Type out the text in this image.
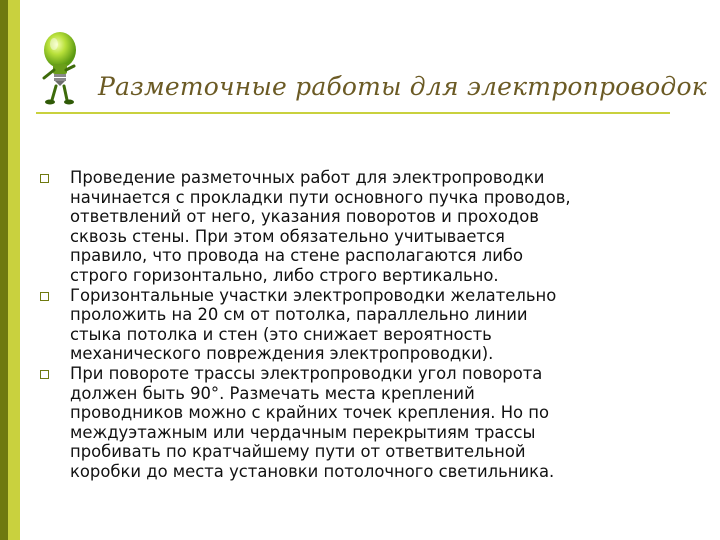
Разметочные работы для электропроводок
Проведение разметочных работ для электропроводки
начинается с прокладки пути основного пучка проводов,
ответвлений от него, указания поворотов и проходов
сквозь стены. При этом обязательно учитывается
правило, что провода на стене располагаются либо
строго горизонтально, либо строго вертикально.
Горизонтальные участки электропроводки желательно
проложить на 20 см от потолка, параллельно линии
стыка потолка и стен (это снижает вероятность
механического повреждения электропроводки).
При повороте трассы электропроводки угол поворота
должен быть 90°. Размечать места креплений
проводников можно с крайних точек крепления. Но по
междуэтажным или чердачным перекрытиям трассы
пробивать по кратчайшему пути от ответвительной
коробки до места установки потолочного светильника.
